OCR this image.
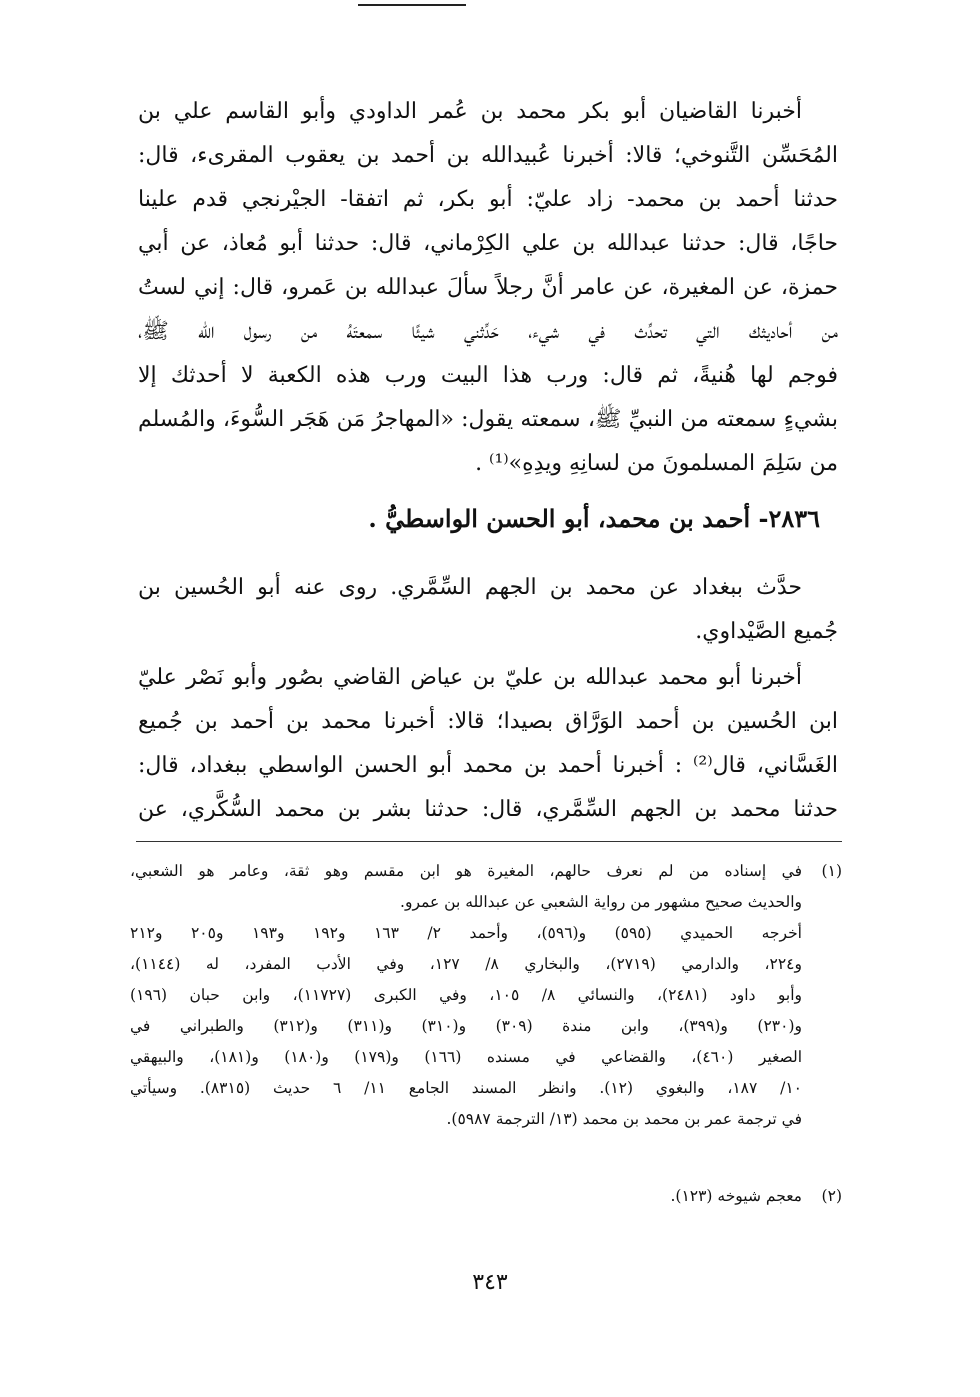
أخبرنا القاضيان أبو بكر محمد بن عُمر الداودي وأبو القاسم علي بن
المُحَسِّن التَّنوخي؛ قالا: أخبرنا عُبيدالله بن أحمد بن يعقوب المقرىء، قال:
حدثنا أحمد بن محمد- زاد عليّ: أبو بكر، ثم اتفقا- الجيْرنجي قدم علينا
حاجًا، قال: حدثنا عبدالله بن علي الكِرْماني، قال: حدثنا أبو مُعاذ، عن أبي
حمزة، عن المغيرة، عن عامر أنَّ رجلاً سألَ عبدالله بن عَمرو، قال: إني لستُ
من أحاديثك التي تحدِّث في شيء، حَدِّثني شيئًا سمعتَهُ من رسول الله ﷺ،
فوجم لها هُنيةً، ثم قال: ورب هذا البيت ورب هذه الكعبة لا أحدثك إلا
بشيءٍ سمعته من النبيِّ ﷺ، سمعته يقول: «المهاجرُ مَن هَجَر السُّوءَ، والمُسلم
من سَلِمَ المسلمونَ من لسانِهِ ويدِهِ»⁽¹⁾ .
٢٨٣٦- أحمد بن محمد، أبو الحسن الواسطيُّ .
حدَّث ببغداد عن محمد بن الجهم السِّمَّري. روى عنه أبو الحُسين بن
جُميع الصَّيْداوي.
أخبرنا أبو محمد عبدالله بن عليّ بن عياض القاضي بصُور وأبو نَصْر عليّ
ابن الحُسين بن أحمد الوَرَّاق بصيدا؛ قالا: أخبرنا محمد بن أحمد بن جُميع
الغَسَّاني، قال⁽²⁾ : أخبرنا أحمد بن محمد أبو الحسن الواسطي ببغداد، قال:
حدثنا محمد بن الجهم السِّمَّري، قال: حدثنا بشر بن محمد السُّكَّري، عن
(١)
في إسناده من لم نعرف حالهم، المغيرة هو ابن مقسم وهو ثقة، وعامر هو الشعبي،
والحديث صحيح مشهور من رواية الشعبي عن عبدالله بن عمرو.
أخرجه الحميدي (٥٩٥) و(٥٩٦)، وأحمد ٢/ ١٦٣ و١٩٢ و١٩٣ و٢٠٥ و٢١٢
و٢٢٤، والدارمي (٢٧١٩)، والبخاري ٨/ ١٢٧، وفي الأدب المفرد، له (١١٤٤)،
وأبو داود (٢٤٨١)، والنسائي ٨/ ١٠٥، وفي الكبرى (١١٧٢٧)، وابن حبان (١٩٦)
و(٢٣٠) و(٣٩٩)، وابن مندة (٣٠٩) و(٣١٠) و(٣١١) و(٣١٢) والطبراني في
الصغير (٤٦٠)، والقضاعي في مسنده (١٦٦) و(١٧٩) و(١٨٠) و(١٨١)، والبيهقي
١٠/ ١٨٧، والبغوي (١٢). وانظر المسند الجامع ١١/ ٦ حديث (٨٣١٥). وسيأتي
في ترجمة عمر بن محمد بن محمد (١٣/ الترجمة ٥٩٨٧).
(٢)
معجم شيوخه (١٢٣).
٣٤٣
